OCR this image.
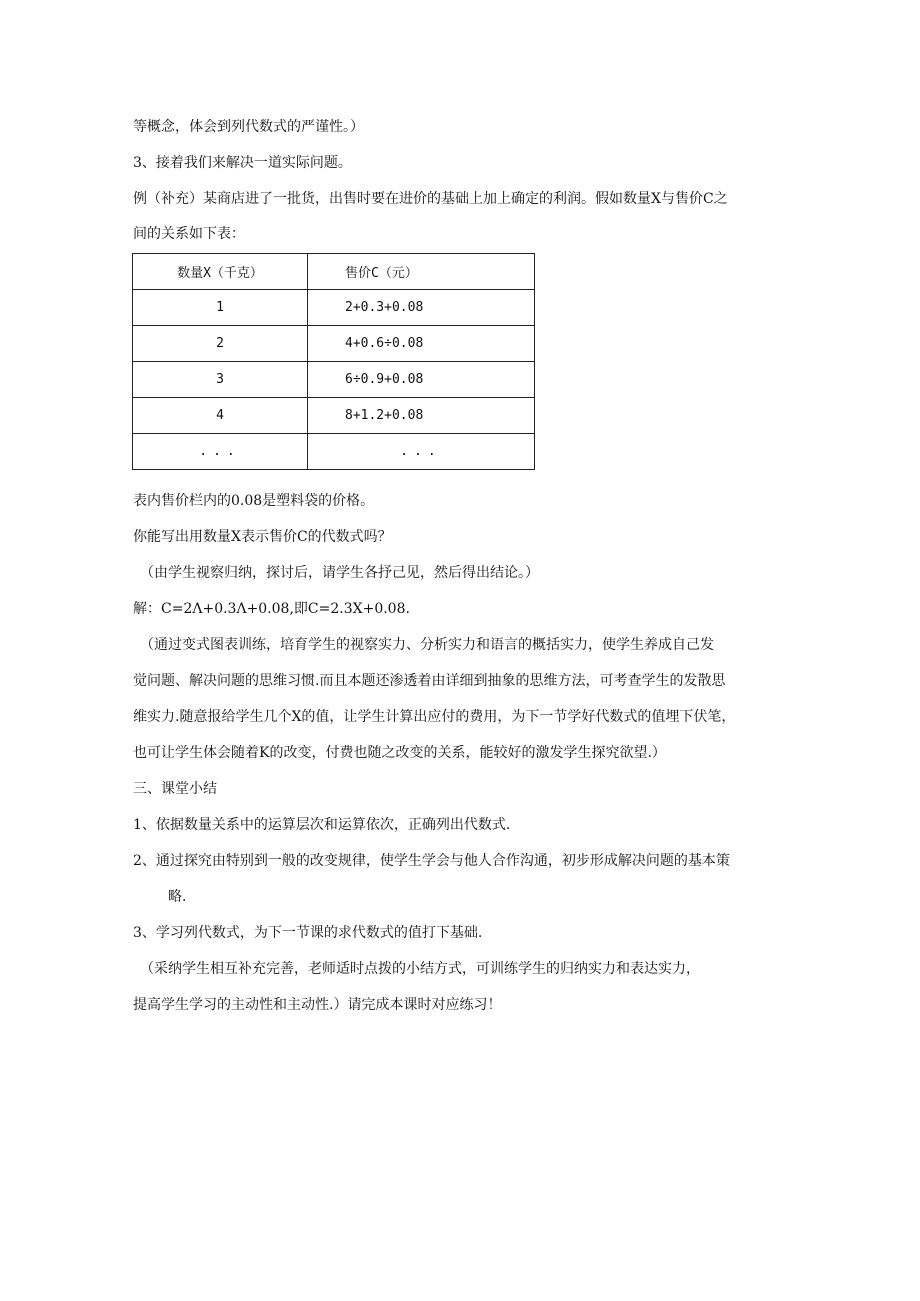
等概念，体会到列代数式的严谨性。）
3、接着我们来解决一道实际问题。
例（补充）某商店进了一批货，出售时要在进价的基础上加上确定的利润。假如数量X与售价C之
间的关系如下表：
数量X（千克）	售价C（元）
1	2+0.3+0.08
2	4+0.6÷0.08
3	6÷0.9+0.08
4	8+1.2+0.08
...	...
表内售价栏内的0.08是塑料袋的价格。
你能写出用数量X表示售价C的代数式吗？
（由学生视察归纳，探讨后，请学生各抒己见，然后得出结论。）
解：C=2Λ+0.3Λ+0.08,即C=2.3X+0.08.
（通过变式图表训练，培育学生的视察实力、分析实力和语言的概括实力，使学生养成自己发
觉问题、解决问题的思维习惯.而且本题还渗透着由详细到抽象的思维方法，可考查学生的发散思
维实力.随意报给学生几个X的值，让学生计算出应付的费用，为下一节学好代数式的值埋下伏笔，
也可让学生体会随着K的改变，付费也随之改变的关系，能较好的激发学生探究欲望.）
三、课堂小结
1、依据数量关系中的运算层次和运算依次，正确列出代数式.
2、通过探究由特别到一般的改变规律，使学生学会与他人合作沟通，初步形成解决问题的基本策
略.
3、学习列代数式，为下一节课的求代数式的值打下基础.
（采纳学生相互补充完善，老师适时点拨的小结方式，可训练学生的归纳实力和表达实力，
提高学生学习的主动性和主动性.）请完成本课时对应练习！
